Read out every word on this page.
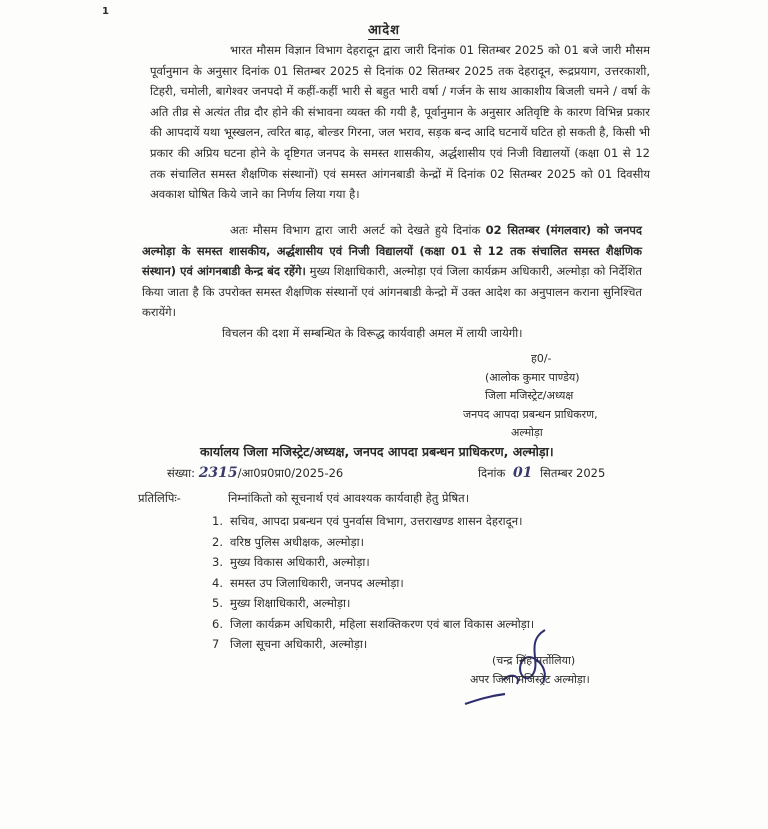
1
आदेश
भारत मौसम विज्ञान विभाग देहरादून द्वारा जारी दिनांक 01 सितम्बर 2025 को 01 बजे जारी मौसम पूर्वानुमान के अनुसार दिनांक 01 सितम्बर 2025 से दिनांक 02 सितम्बर 2025 तक देहरादून, रूद्रप्रयाग, उत्तरकाशी, टिहरी, चमोली, बागेश्वर जनपदो में कहीं-कहीं भारी से बहुत भारी वर्षा / गर्जन के साथ आकाशीय बिजली चमने / वर्षा के अति तीव्र से अत्यंत तीव्र दौर होने की संभावना व्यक्त की गयी है, पूर्वानुमान के अनुसार अतिवृष्टि के कारण विभिन्न प्रकार की आपदायें यथा भूस्खलन, त्वरित बाढ़, बोल्डर गिरना, जल भराव, सड़क बन्द आदि घटनायें घटित हो सकती है, किसी भी प्रकार की अप्रिय घटना होने के दृष्टिगत जनपद के समस्त शासकीय, अर्द्धशासीय एवं निजी विद्यालयों (कक्षा 01 से 12 तक संचालित समस्त शैक्षणिक संस्थानों) एवं समस्त आंगनबाडी केन्द्रों में दिनांक 02 सितम्बर 2025 को 01 दिवसीय अवकाश घोषित किये जाने का निर्णय लिया गया है।
अतः मौसम विभाग द्वारा जारी अलर्ट को देखते हुये दिनांक 02 सितम्बर (मंगलवार) को जनपद अल्मोड़ा के समस्त शासकीय, अर्द्धशासीय एवं निजी विद्यालयों (कक्षा 01 से 12 तक संचालित समस्त शैक्षणिक संस्थान) एवं आंगनबाडी केन्द्र बंद रहेंगे। मुख्य शिक्षाधिकारी, अल्मोड़ा एवं जिला कार्यक्रम अधिकारी, अल्मोड़ा को निर्देशित किया जाता है कि उपरोक्त समस्त शैक्षणिक संस्थानों एवं आंगनबाडी केन्द्रो में उक्त आदेश का अनुपालन कराना सुनिश्चित करायेंगे।
विचलन की दशा में सम्बन्धित के विरूद्ध कार्यवाही अमल में लायी जायेगी।
ह0/-
(आलोक कुमार पाण्डेय)
जिला मजिस्ट्रेट/अध्यक्ष
जनपद आपदा प्रबन्धन प्राधिकरण,
अल्मोड़ा
कार्यालय जिला मजिस्ट्रेट/अध्यक्ष, जनपद आपदा प्रबन्धन प्राधिकरण, अल्मोड़ा।
संख्या: 2315/आ0प्र0प्रा0/2025-26	दिनांक 01 सितम्बर 2025
प्रतिलिपिः-	निम्नांकितो को सूचनार्थ एवं आवश्यक कार्यवाही हेतु प्रेषित।
1. सचिव, आपदा प्रबन्धन एवं पुनर्वास विभाग, उत्तराखण्ड शासन देहरादून।
2. वरिष्ठ पुलिस अधीक्षक, अल्मोड़ा।
3. मुख्य विकास अधिकारी, अल्मोड़ा।
4. समस्त उप जिलाधिकारी, जनपद अल्मोड़ा।
5. मुख्य शिक्षाधिकारी, अल्मोड़ा।
6. जिला कार्यक्रम अधिकारी, महिला सशक्तिकरण एवं बाल विकास अल्मोड़ा।
7 जिला सूचना अधिकारी, अल्मोड़ा।
(चन्द्र सिंह मर्तोलिया)
अपर जिला मजिस्ट्रेट अल्मोड़ा।
